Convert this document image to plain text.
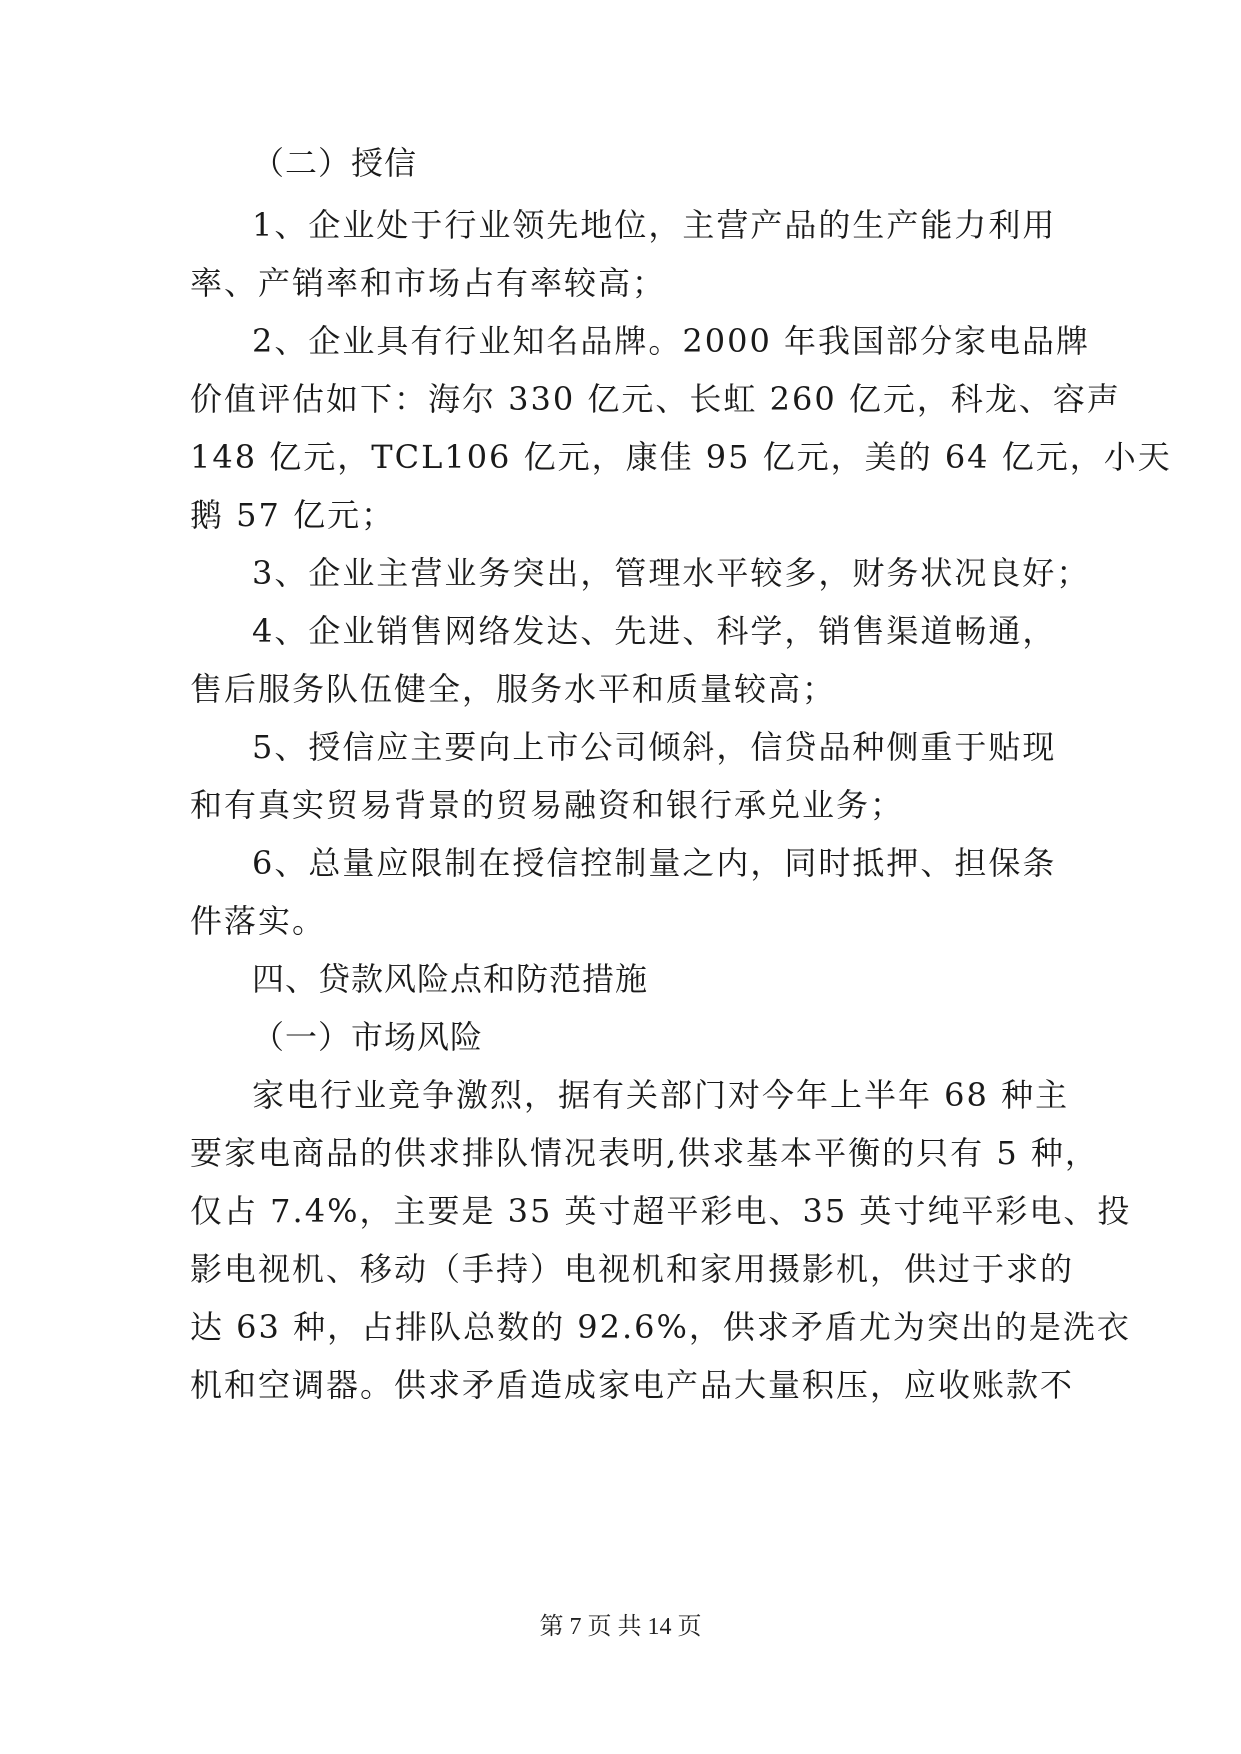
（二）授信
1、企业处于行业领先地位，主营产品的生产能力利用
率、产销率和市场占有率较高；
2、企业具有行业知名品牌。2000 年我国部分家电品牌
价值评估如下：海尔 330 亿元、长虹 260 亿元，科龙、容声
148 亿元，TCL106 亿元，康佳 95 亿元，美的 64 亿元，小天
鹅 57 亿元；
3、企业主营业务突出，管理水平较多，财务状况良好；
4、企业销售网络发达、先进、科学，销售渠道畅通，
售后服务队伍健全，服务水平和质量较高；
5、授信应主要向上市公司倾斜，信贷品种侧重于贴现
和有真实贸易背景的贸易融资和银行承兑业务；
6、总量应限制在授信控制量之内，同时抵押、担保条
件落实。
四、贷款风险点和防范措施
（一）市场风险
家电行业竞争激烈，据有关部门对今年上半年 68 种主
要家电商品的供求排队情况表明,供求基本平衡的只有 5 种，
仅占 7.4%，主要是 35 英寸超平彩电、35 英寸纯平彩电、投
影电视机、移动（手持）电视机和家用摄影机，供过于求的
达 63 种，占排队总数的 92.6%，供求矛盾尤为突出的是洗衣
机和空调器。供求矛盾造成家电产品大量积压，应收账款不
第 7 页 共 14 页
